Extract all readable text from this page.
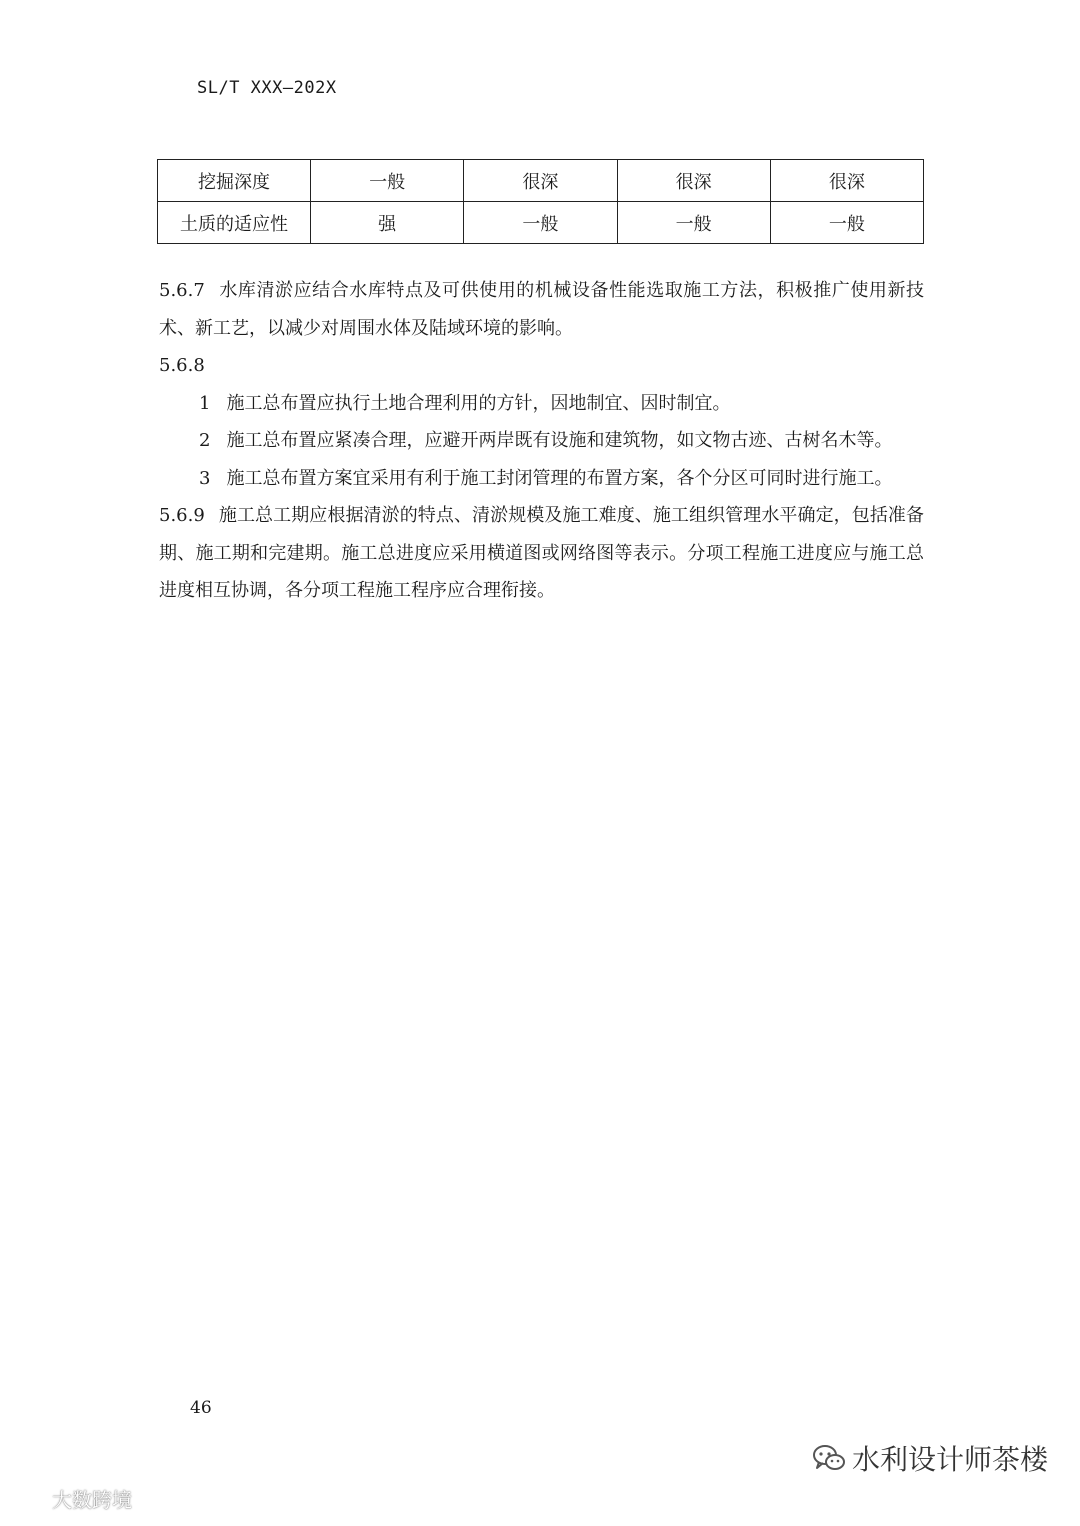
SL/T XXX—202X
挖掘深度	一般	很深	很深	很深
土质的适应性	强	一般	一般	一般
5.6.7 水库清淤应结合水库特点及可供使用的机械设备性能选取施工方法，积极推广使用新技术、新工艺，以减少对周围水体及陆域环境的影响。
5.6.8
1 施工总布置应执行土地合理利用的方针，因地制宜、因时制宜。
2 施工总布置应紧凑合理，应避开两岸既有设施和建筑物，如文物古迹、古树名木等。
3 施工总布置方案宜采用有利于施工封闭管理的布置方案，各个分区可同时进行施工。
5.6.9 施工总工期应根据清淤的特点、清淤规模及施工难度、施工组织管理水平确定，包括准备期、施工期和完建期。施工总进度应采用横道图或网络图等表示。分项工程施工进度应与施工总进度相互协调，各分项工程施工程序应合理衔接。
46
水利设计师茶楼
大数跨境
